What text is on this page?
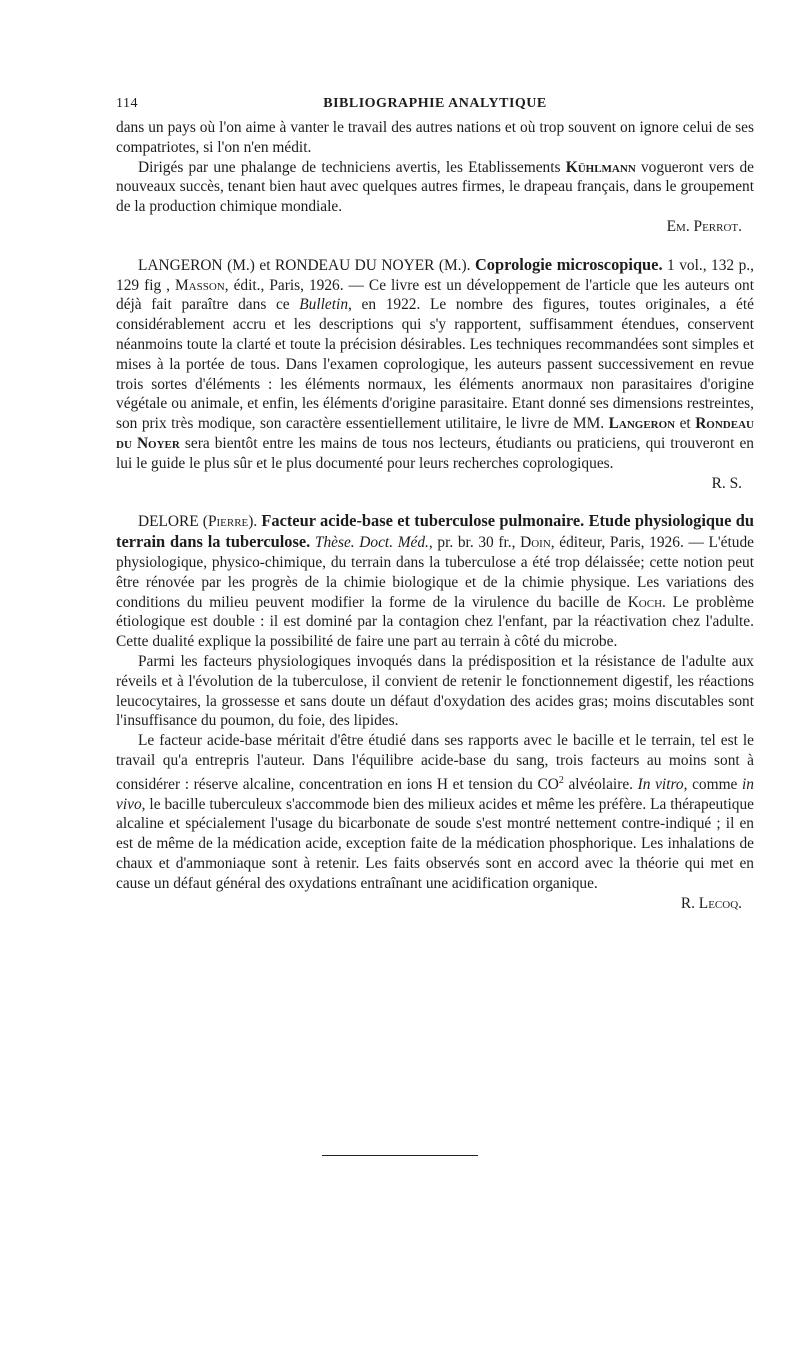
114	BIBLIOGRAPHIE ANALYTIQUE

dans un pays où l'on aime à vanter le travail des autres nations et où trop souvent on ignore celui de ses compatriotes, si l'on n'en médit.

Dirigés par une phalange de techniciens avertis, les Etablissements Kühlmann vogueront vers de nouveaux succès, tenant bien haut avec quelques autres firmes, le drapeau français, dans le groupement de la production chimique mondiale.

Em. Perrot.

LANGERON (M.) et RONDEAU DU NOYER (M.). Coprologie microscopique. 1 vol., 132 p., 129 fig , Masson, édit., Paris, 1926. — Ce livre est un développement de l'article que les auteurs ont déjà fait paraître dans ce Bulletin, en 1922. Le nombre des figures, toutes originales, a été considérablement accru et les descriptions qui s'y rapportent, suffisamment étendues, conservent néanmoins toute la clarté et toute la précision désirables. Les techniques recommandées sont simples et mises à la portée de tous. Dans l'examen coprologique, les auteurs passent successivement en revue trois sortes d'éléments : les éléments normaux, les éléments anormaux non parasitaires d'origine végétale ou animale, et enfin, les éléments d'origine parasitaire. Etant donné ses dimensions restreintes, son prix très modique, son caractère essentiellement utilitaire, le livre de MM. Langeron et Rondeau du Noyer sera bientôt entre les mains de tous nos lecteurs, étudiants ou praticiens, qui trouveront en lui le guide le plus sûr et le plus documenté pour leurs recherches coprologiques.

R. S.

DELORE (Pierre). Facteur acide-base et tuberculose pulmonaire. Etude physiologique du terrain dans la tuberculose. Thèse. Doct. Méd., pr. br. 30 fr., Doin, éditeur, Paris, 1926. — L'étude physiologique, physico-chimique, du terrain dans la tuberculose a été trop délaissée; cette notion peut être rénovée par les progrès de la chimie biologique et de la chimie physique. Les variations des conditions du milieu peuvent modifier la forme de la virulence du bacille de Koch. Le problème étiologique est double : il est dominé par la contagion chez l'enfant, par la réactivation chez l'adulte. Cette dualité explique la possibilité de faire une part au terrain à côté du microbe.

Parmi les facteurs physiologiques invoqués dans la prédisposition et la résistance de l'adulte aux réveils et à l'évolution de la tuberculose, il convient de retenir le fonctionnement digestif, les réactions leucocytaires, la grossesse et sans doute un défaut d'oxydation des acides gras; moins discutables sont l'insuffisance du poumon, du foie, des lipides.

Le facteur acide-base méritait d'être étudié dans ses rapports avec le bacille et le terrain, tel est le travail qu'a entrepris l'auteur. Dans l'équilibre acide-base du sang, trois facteurs au moins sont à considérer : réserve alcaline, concentration en ions H et tension du $CO^2$ alvéolaire. In vitro, comme in vivo, le bacille tuberculeux s'accommode bien des milieux acides et même les préfère. La thérapeutique alcaline et spécialement l'usage du bicarbonate de soude s'est montré nettement contre-indiqué ; il en est de même de la médication acide, exception faite de la médication phosphorique. Les inhalations de chaux et d'ammoniaque sont à retenir. Les faits observés sont en accord avec la théorie qui met en cause un défaut général des oxydations entraînant une acidification organique.

R. Lecoq.
